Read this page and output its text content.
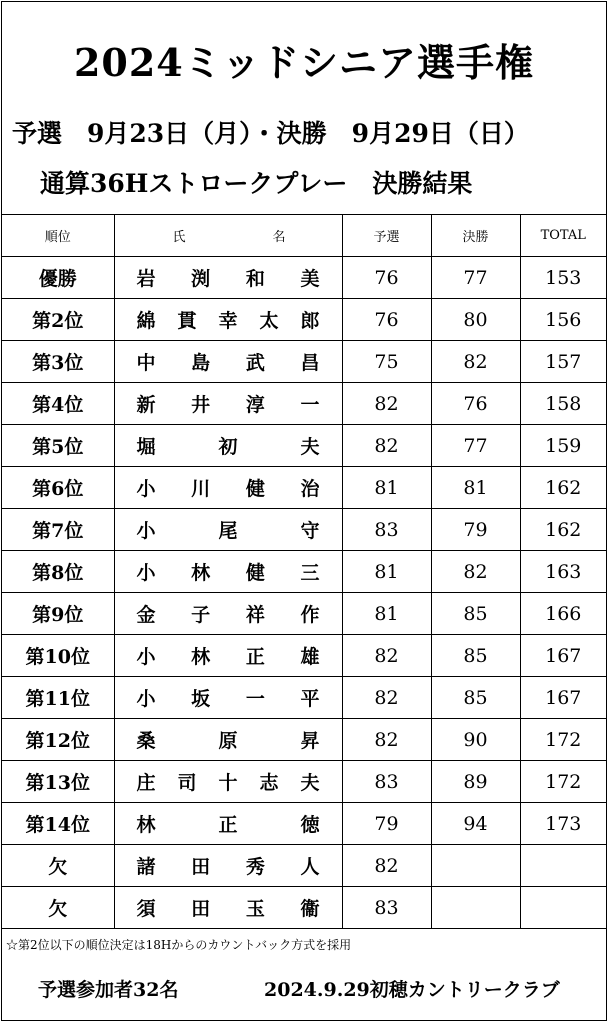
2024ミッドシニア選手権
予選　9月23日（月）・決勝　9月29日（日）
通算36Hストロークプレー　決勝結果
順位	氏 名	予選	決勝	TOTAL
優勝	岩 渕 和 美	76	77	153
第2位	綿 貫 幸 太 郎	76	80	156
第3位	中 島 武 昌	75	82	157
第4位	新 井 淳 一	82	76	158
第5位	堀 初 夫	82	77	159
第6位	小 川 健 治	81	81	162
第7位	小 尾 守	83	79	162
第8位	小 林 健 三	81	82	163
第9位	金 子 祥 作	81	85	166
第10位	小 林 正 雄	82	85	167
第11位	小 坂 一 平	82	85	167
第12位	桑 原 昇	82	90	172
第13位	庄 司 十 志 夫	83	89	172
第14位	林 正 徳	79	94	173
欠	諸 田 秀 人	82		
欠	須 田 玉 衞	83		
☆第2位以下の順位決定は18Hからのカウントバック方式を採用
予選参加者32名	2024.9.29初穂カントリークラブ
